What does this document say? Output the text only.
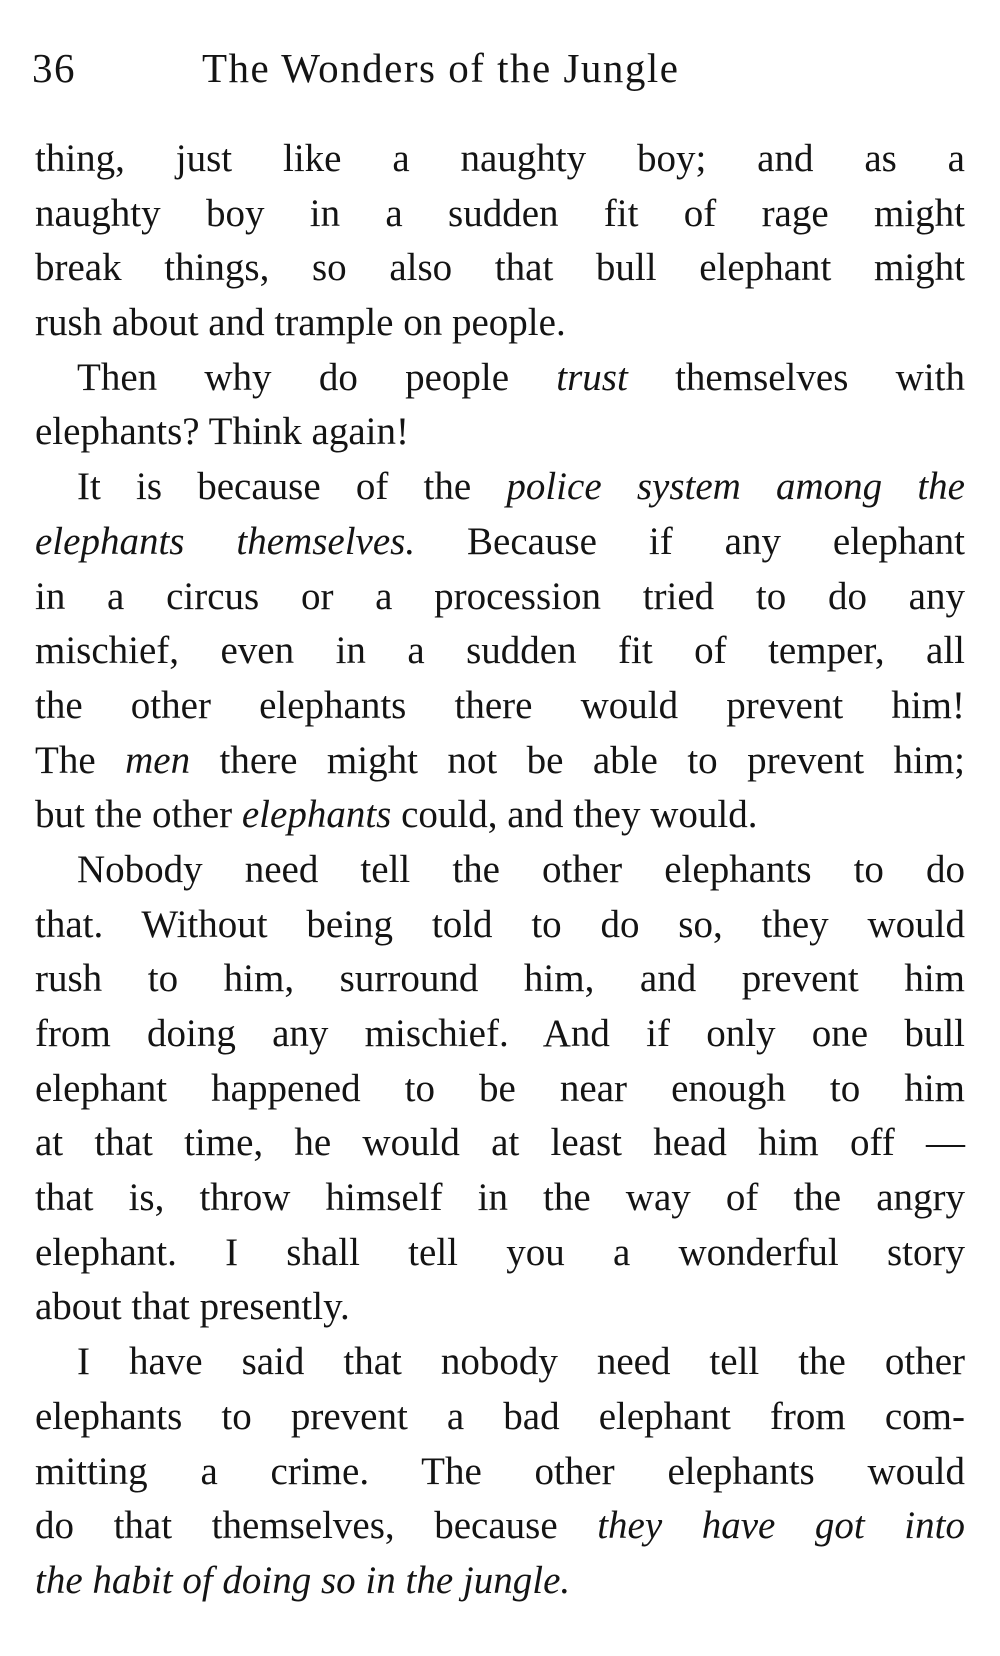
36	The Wonders of the Jungle
thing, just like a naughty boy; and as a
naughty boy in a sudden fit of rage might
break things, so also that bull elephant might
rush about and trample on people.
Then why do people trust themselves with
elephants? Think again!
It is because of the police system among the
elephants themselves. Because if any elephant
in a circus or a procession tried to do any
mischief, even in a sudden fit of temper, all
the other elephants there would prevent him!
The men there might not be able to prevent him;
but the other elephants could, and they would.
Nobody need tell the other elephants to do
that. Without being told to do so, they would
rush to him, surround him, and prevent him
from doing any mischief. And if only one bull
elephant happened to be near enough to him
at that time, he would at least head him off —
that is, throw himself in the way of the angry
elephant. I shall tell you a wonderful story
about that presently.
I have said that nobody need tell the other
elephants to prevent a bad elephant from com-
mitting a crime. The other elephants would
do that themselves, because they have got into
the habit of doing so in the jungle.
